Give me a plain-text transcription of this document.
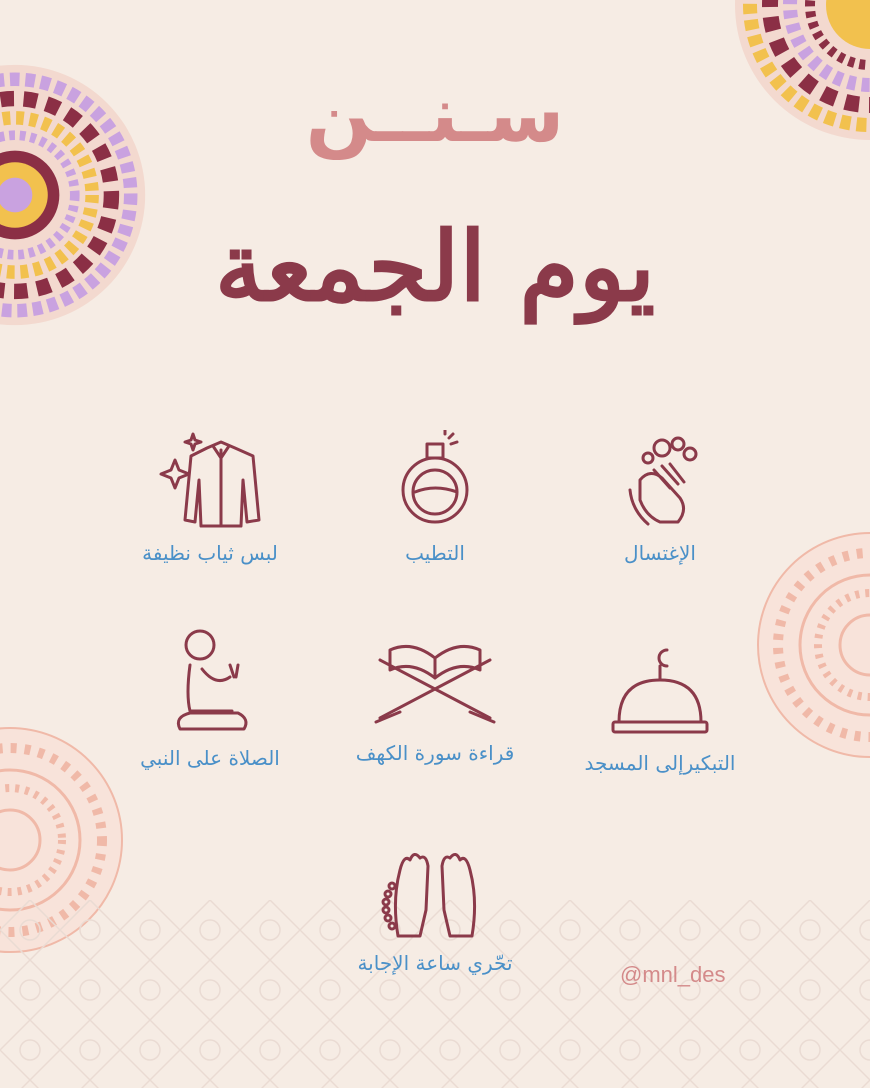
سـنــن
يوم الجمعة
الإغتسال
التطيب
لبس ثياب نظيفة
التبكيرإلى المسجد
قراءة سورة الكهف
الصلاة على النبي
تحّري ساعة الإجابة	@mnl_des
